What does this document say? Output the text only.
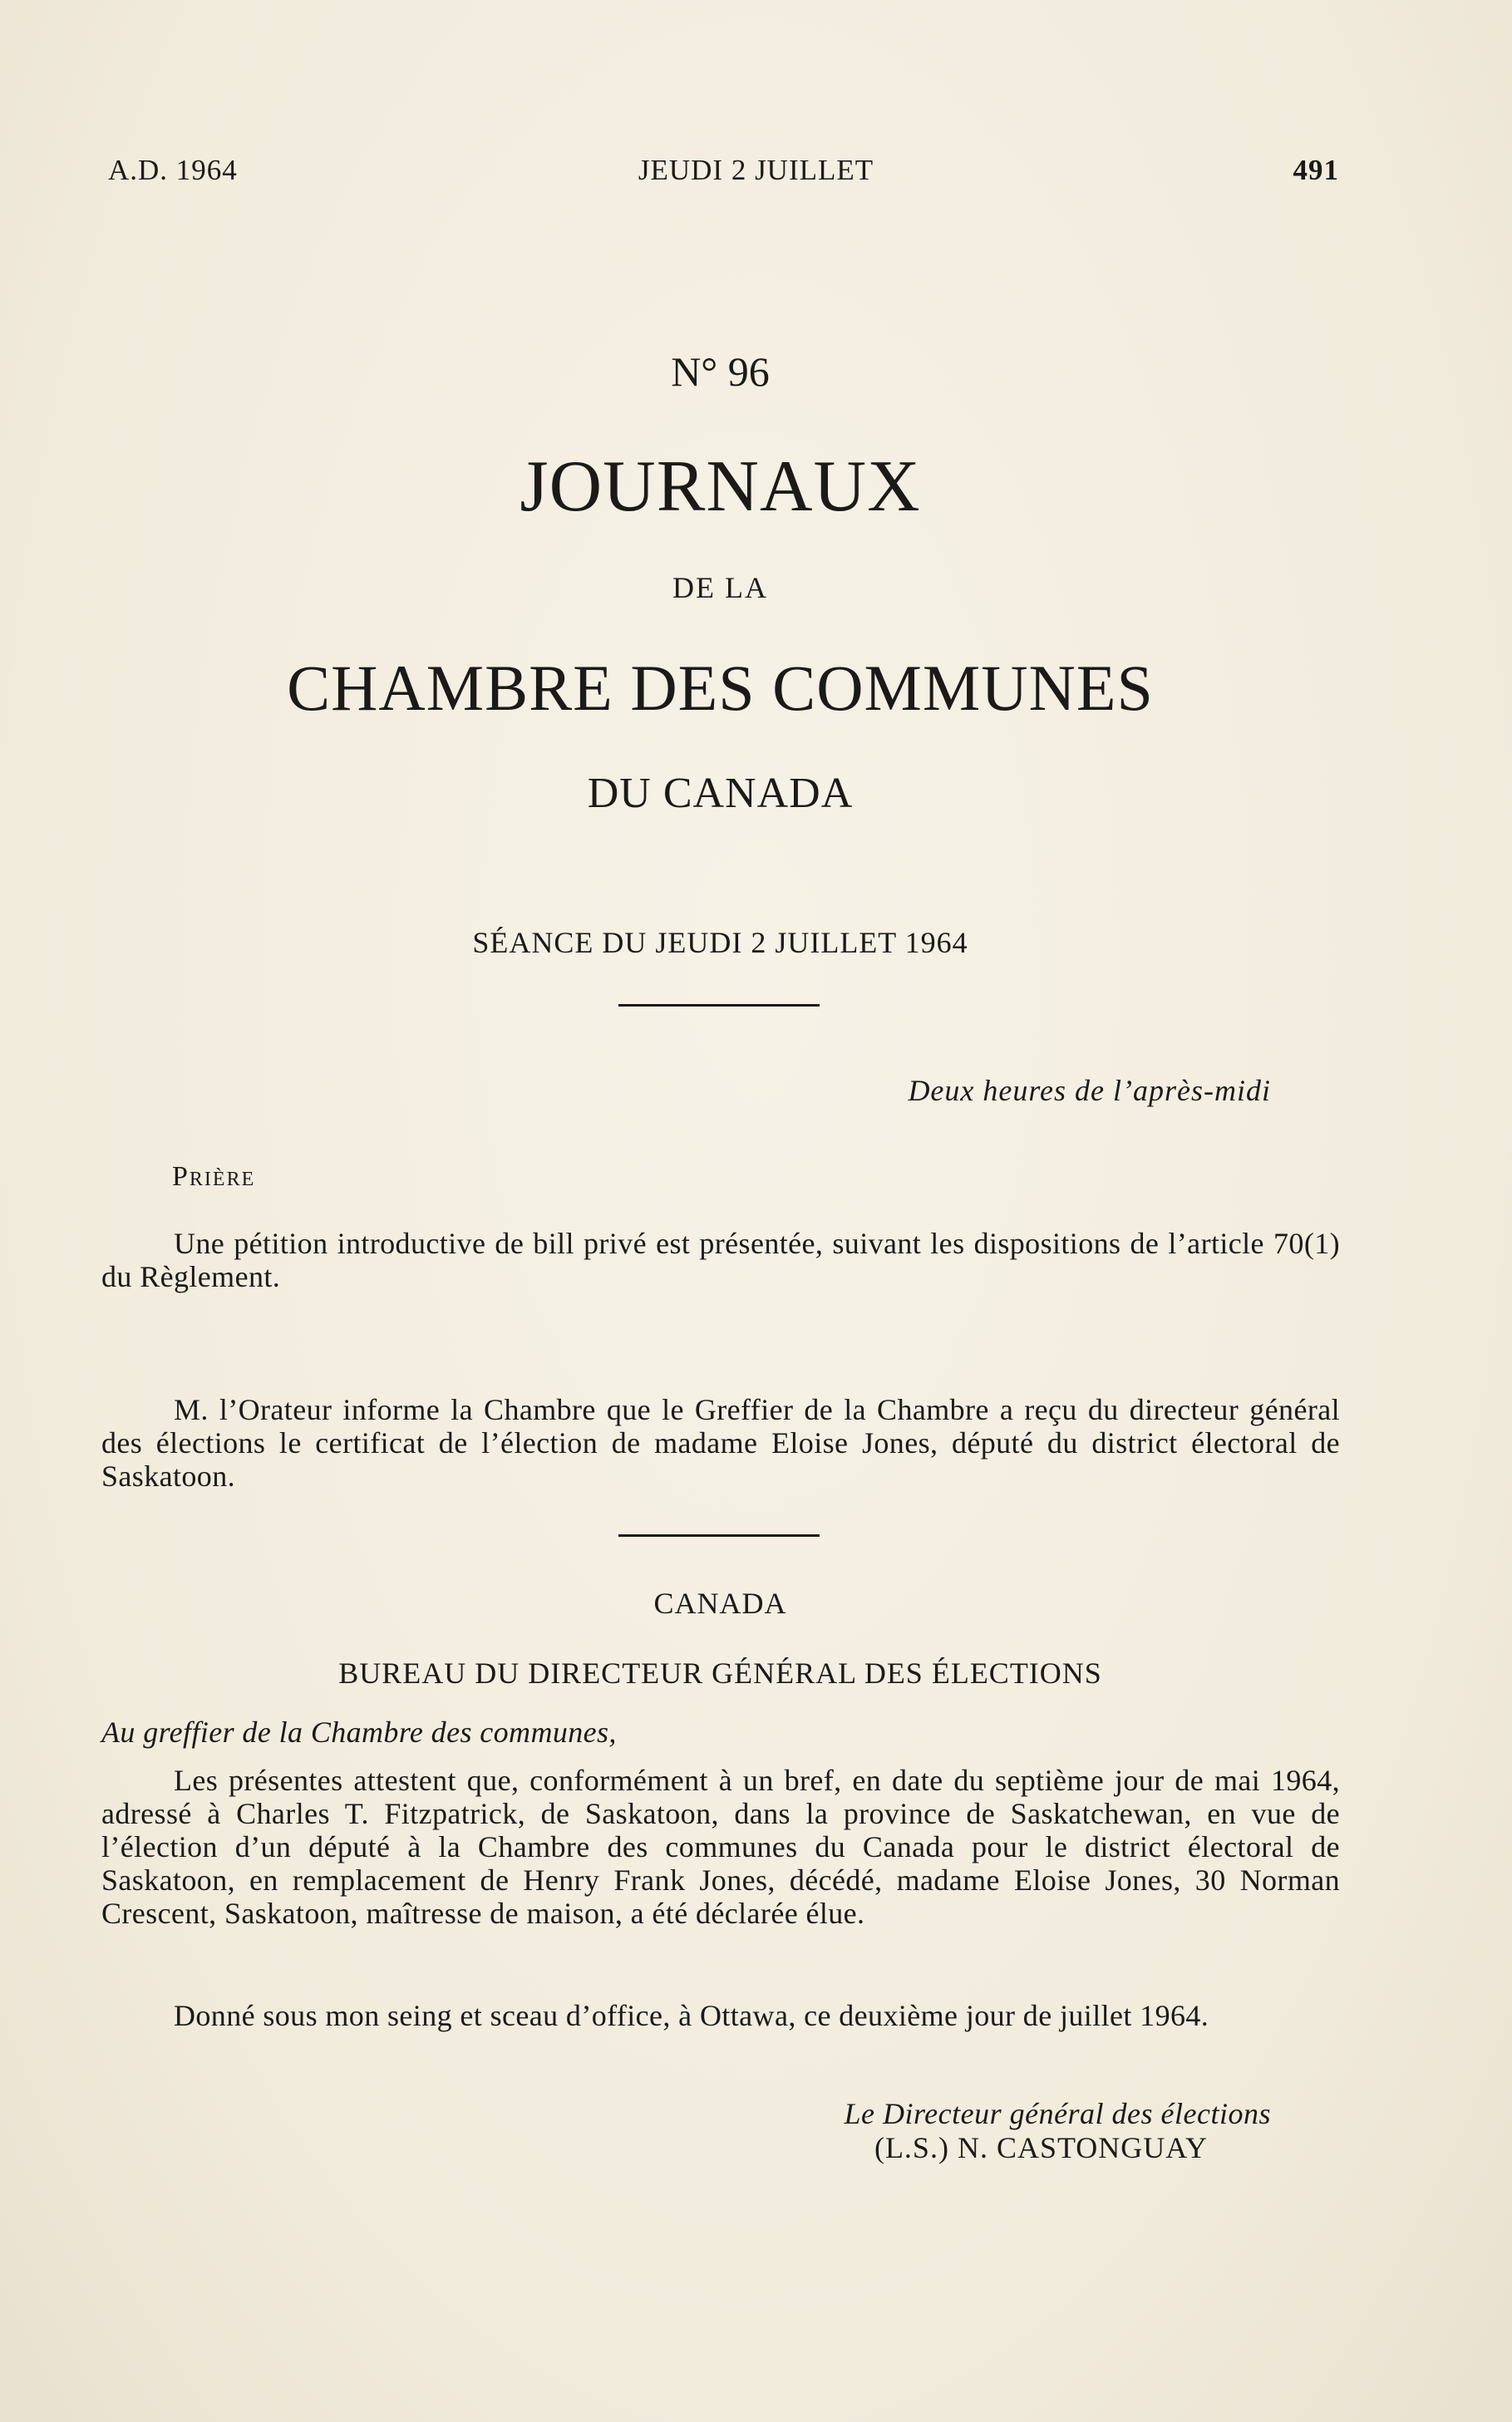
A.D. 1964	JEUDI 2 JUILLET	491
N° 96
JOURNAUX
DE LA
CHAMBRE DES COMMUNES
DU CANADA
SÉANCE DU JEUDI 2 JUILLET 1964
Deux heures de l’après-midi
Prière

Une pétition introductive de bill privé est présentée, suivant les dispositions de l’article 70(1) du Règlement.

M. l’Orateur informe la Chambre que le Greffier de la Chambre a reçu du directeur général des élections le certificat de l’élection de madame Eloise Jones, député du district électoral de Saskatoon.

CANADA
BUREAU DU DIRECTEUR GÉNÉRAL DES ÉLECTIONS
Au greffier de la Chambre des communes,

Les présentes attestent que, conformément à un bref, en date du septième jour de mai 1964, adressé à Charles T. Fitzpatrick, de Saskatoon, dans la province de Saskatchewan, en vue de l’élection d’un député à la Chambre des communes du Canada pour le district électoral de Saskatoon, en remplacement de Henry Frank Jones, décédé, madame Eloise Jones, 30 Norman Crescent, Saskatoon, maîtresse de maison, a été déclarée élue.

Donné sous mon seing et sceau d’office, à Ottawa, ce deuxième jour de juillet 1964.

Le Directeur général des élections
(L.S.) N. CASTONGUAY
